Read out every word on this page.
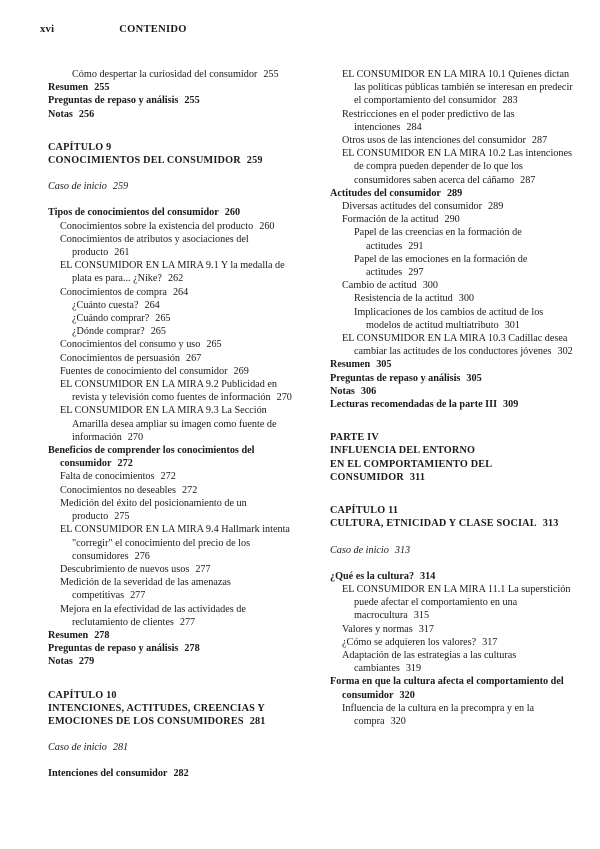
xvi	CONTENIDO
Cómo despertar la curiosidad del consumidor 255
Resumen 255
Preguntas de repaso y análisis 255
Notas 256
CAPÍTULO 9
CONOCIMIENTOS DEL CONSUMIDOR 259
Caso de inicio 259
Tipos de conocimientos del consumidor 260
Conocimientos sobre la existencia del producto 260
Conocimientos de atributos y asociaciones del producto 261
EL CONSUMIDOR EN LA MIRA 9.1 Y la medalla de plata es para... ¿Nike? 262
Conocimientos de compra 264
¿Cuánto cuesta? 264
¿Cuándo comprar? 265
¿Dónde comprar? 265
Conocimientos del consumo y uso 265
Conocimientos de persuasión 267
Fuentes de conocimiento del consumidor 269
EL CONSUMIDOR EN LA MIRA 9.2 Publicidad en revista y televisión como fuentes de información 270
EL CONSUMIDOR EN LA MIRA 9.3 La Sección Amarilla desea ampliar su imagen como fuente de información 270
Beneficios de comprender los conocimientos del consumidor 272
Falta de conocimientos 272
Conocimientos no deseables 272
Medición del éxito del posicionamiento de un producto 275
EL CONSUMIDOR EN LA MIRA 9.4 Hallmark intenta "corregir" el conocimiento del precio de los consumidores 276
Descubrimiento de nuevos usos 277
Medición de la severidad de las amenazas competitivas 277
Mejora en la efectividad de las actividades de reclutamiento de clientes 277
Resumen 278
Preguntas de repaso y análisis 278
Notas 279
CAPÍTULO 10
INTENCIONES, ACTITUDES, CREENCIAS Y EMOCIONES DE LOS CONSUMIDORES 281
Caso de inicio 281
Intenciones del consumidor 282
EL CONSUMIDOR EN LA MIRA 10.1 Quienes dictan las políticas públicas también se interesan en predecir el comportamiento del consumidor 283
Restricciones en el poder predictivo de las intenciones 284
Otros usos de las intenciones del consumidor 287
EL CONSUMIDOR EN LA MIRA 10.2 Las intenciones de compra pueden depender de lo que los consumidores saben acerca del cáñamo 287
Actitudes del consumidor 289
Diversas actitudes del consumidor 289
Formación de la actitud 290
Papel de las creencias en la formación de actitudes 291
Papel de las emociones en la formación de actitudes 297
Cambio de actitud 300
Resistencia de la actitud 300
Implicaciones de los cambios de actitud de los modelos de actitud multiatributo 301
EL CONSUMIDOR EN LA MIRA 10.3 Cadillac desea cambiar las actitudes de los conductores jóvenes 302
Resumen 305
Preguntas de repaso y análisis 305
Notas 306
Lecturas recomendadas de la parte III 309
PARTE IV
INFLUENCIA DEL ENTORNO
EN EL COMPORTAMIENTO DEL CONSUMIDOR 311
CAPÍTULO 11
CULTURA, ETNICIDAD Y CLASE SOCIAL 313
Caso de inicio 313
¿Qué es la cultura? 314
EL CONSUMIDOR EN LA MIRA 11.1 La superstición puede afectar el comportamiento en una macrocultura 315
Valores y normas 317
¿Cómo se adquieren los valores? 317
Adaptación de las estrategias a las culturas cambiantes 319
Forma en que la cultura afecta el comportamiento del consumidor 320
Influencia de la cultura en la precompra y en la compra 320
